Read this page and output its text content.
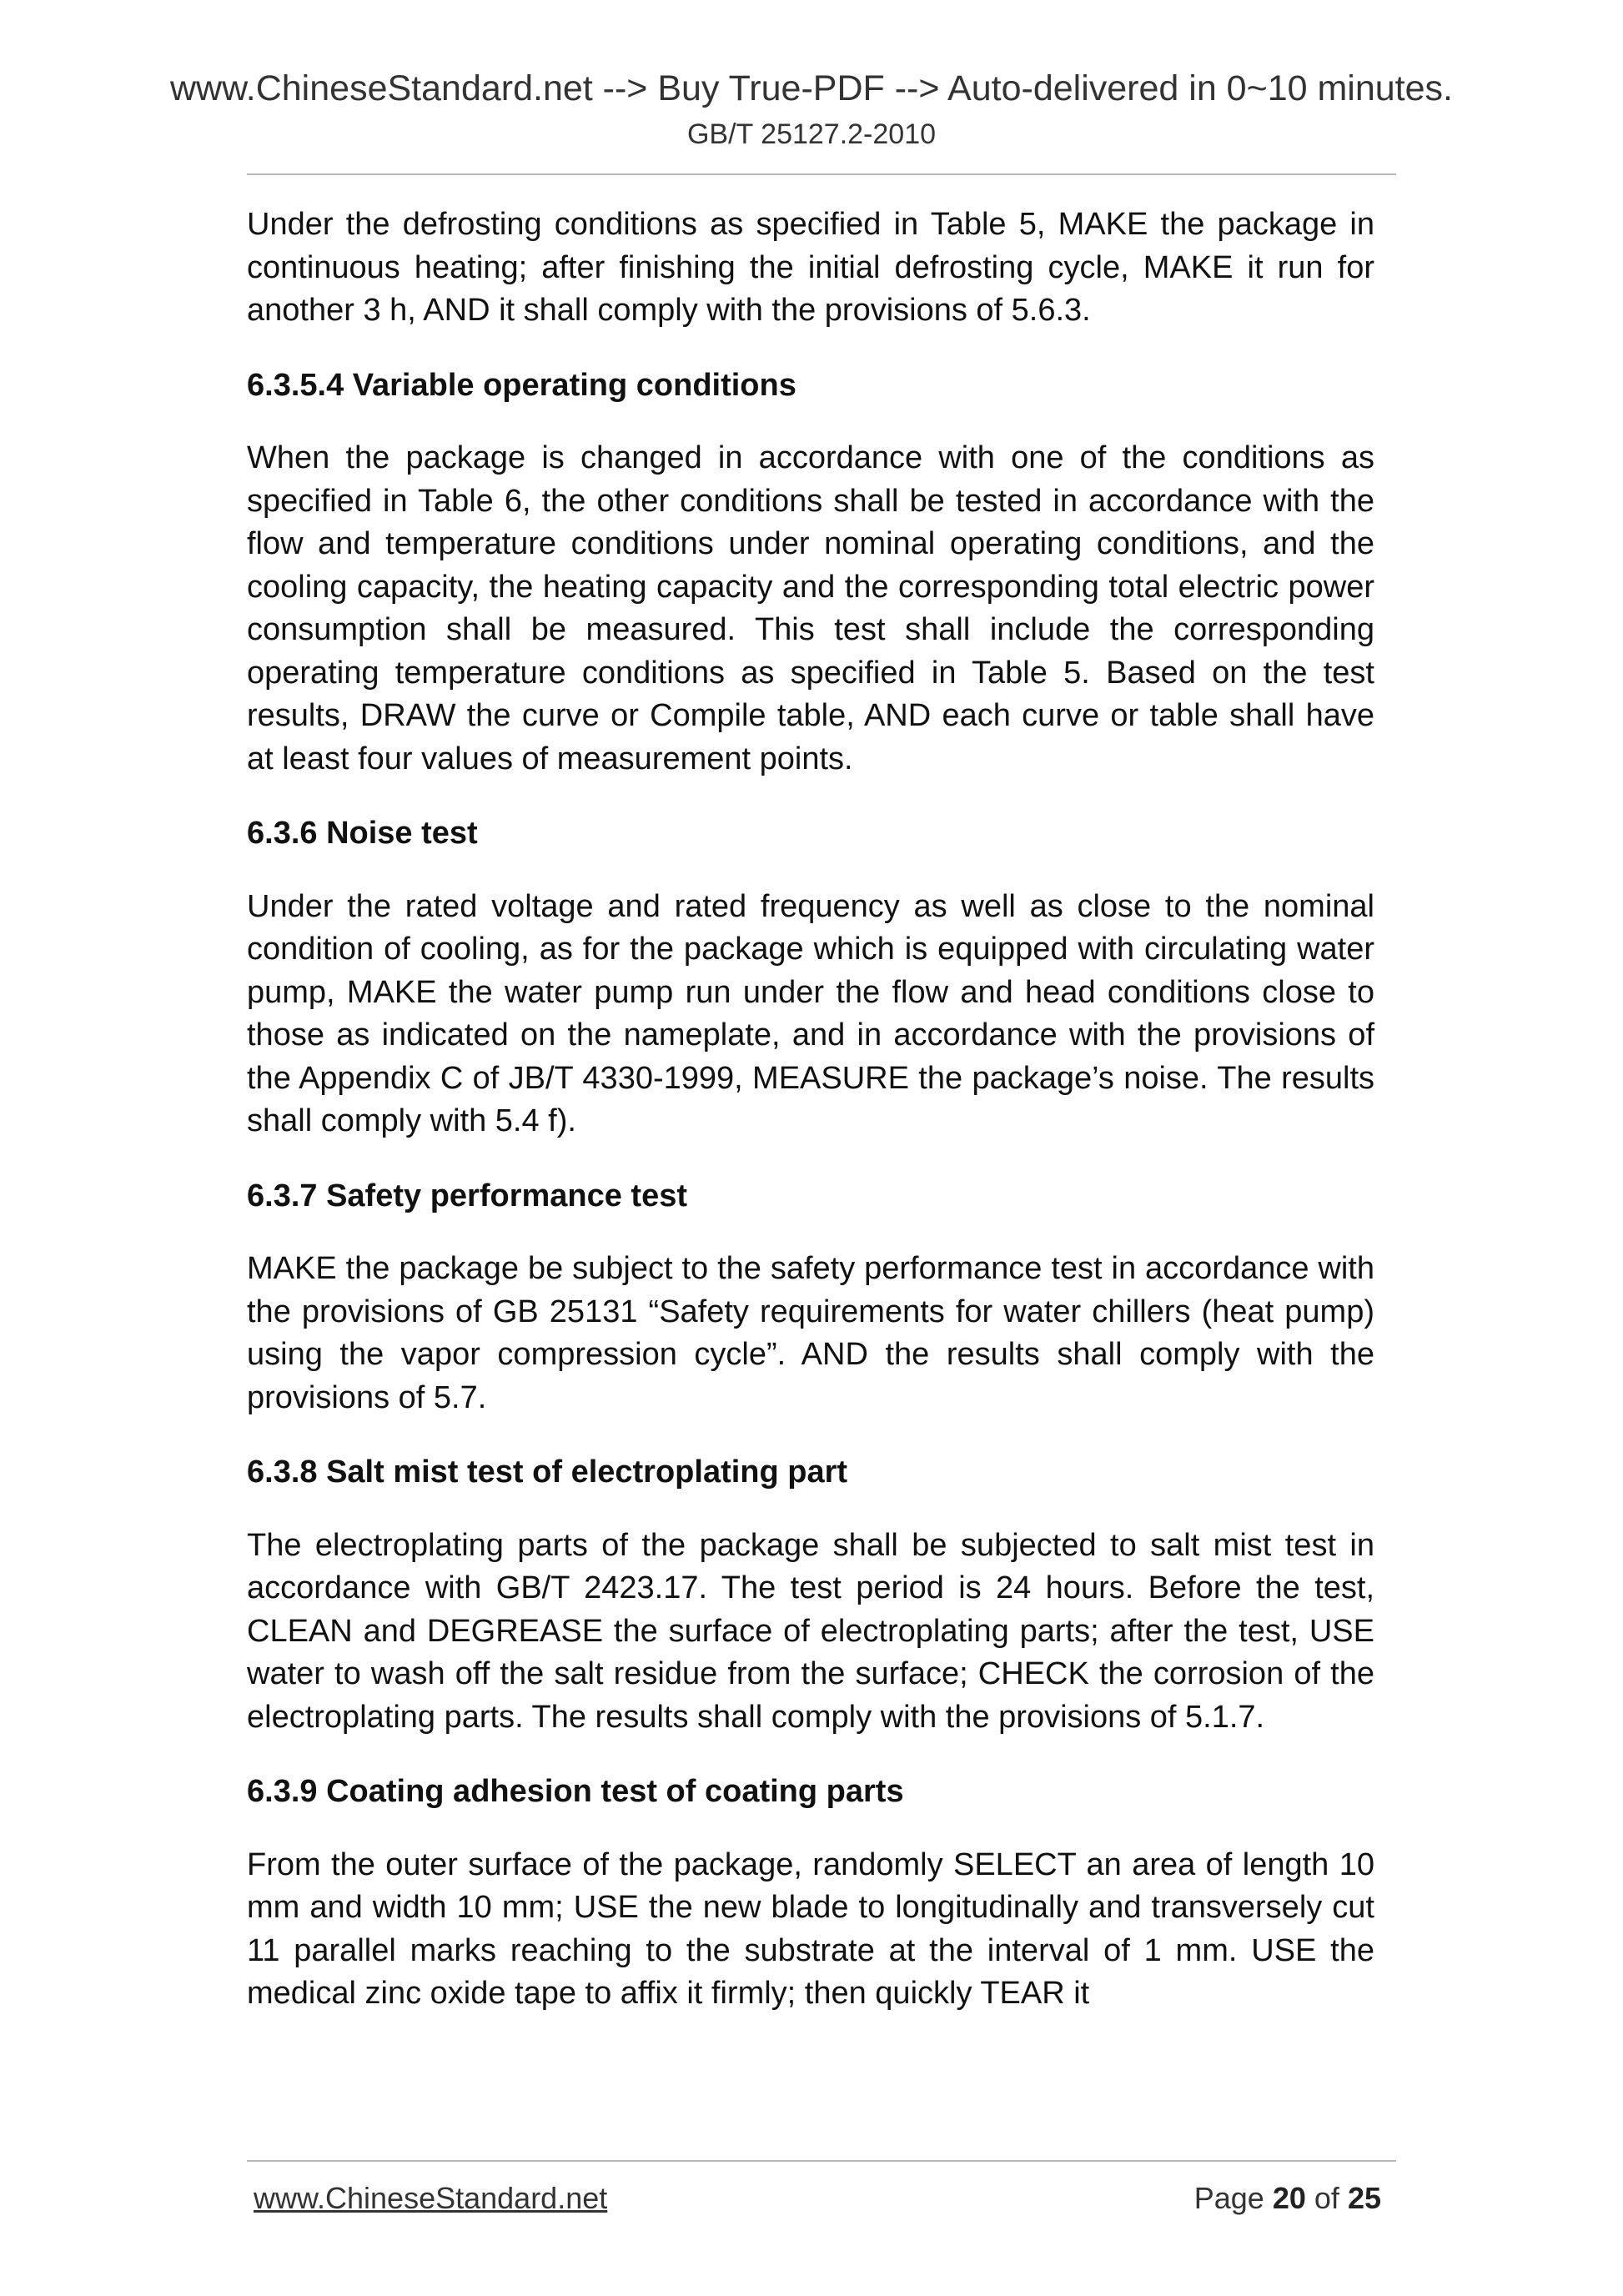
www.ChineseStandard.net --> Buy True-PDF --> Auto-delivered in 0~10 minutes.
GB/T 25127.2-2010

Under the defrosting conditions as specified in Table 5, MAKE the package in continuous heating; after finishing the initial defrosting cycle, MAKE it run for another 3 h, AND it shall comply with the provisions of 5.6.3.

6.3.5.4 Variable operating conditions

When the package is changed in accordance with one of the conditions as specified in Table 6, the other conditions shall be tested in accordance with the flow and temperature conditions under nominal operating conditions, and the cooling capacity, the heating capacity and the corresponding total electric power consumption shall be measured. This test shall include the corresponding operating temperature conditions as specified in Table 5. Based on the test results, DRAW the curve or Compile table, AND each curve or table shall have at least four values of measurement points.

6.3.6 Noise test

Under the rated voltage and rated frequency as well as close to the nominal condition of cooling, as for the package which is equipped with circulating water pump, MAKE the water pump run under the flow and head conditions close to those as indicated on the nameplate, and in accordance with the provisions of the Appendix C of JB/T 4330-1999, MEASURE the package’s noise. The results shall comply with 5.4 f).

6.3.7 Safety performance test

MAKE the package be subject to the safety performance test in accordance with the provisions of GB 25131 “Safety requirements for water chillers (heat pump) using the vapor compression cycle”. AND the results shall comply with the provisions of 5.7.

6.3.8 Salt mist test of electroplating part

The electroplating parts of the package shall be subjected to salt mist test in accordance with GB/T 2423.17. The test period is 24 hours. Before the test, CLEAN and DEGREASE the surface of electroplating parts; after the test, USE water to wash off the salt residue from the surface; CHECK the corrosion of the electroplating parts. The results shall comply with the provisions of 5.1.7.

6.3.9 Coating adhesion test of coating parts

From the outer surface of the package, randomly SELECT an area of length 10 mm and width 10 mm; USE the new blade to longitudinally and transversely cut 11 parallel marks reaching to the substrate at the interval of 1 mm. USE the medical zinc oxide tape to affix it firmly; then quickly TEAR it

www.ChineseStandard.net	Page 20 of 25
